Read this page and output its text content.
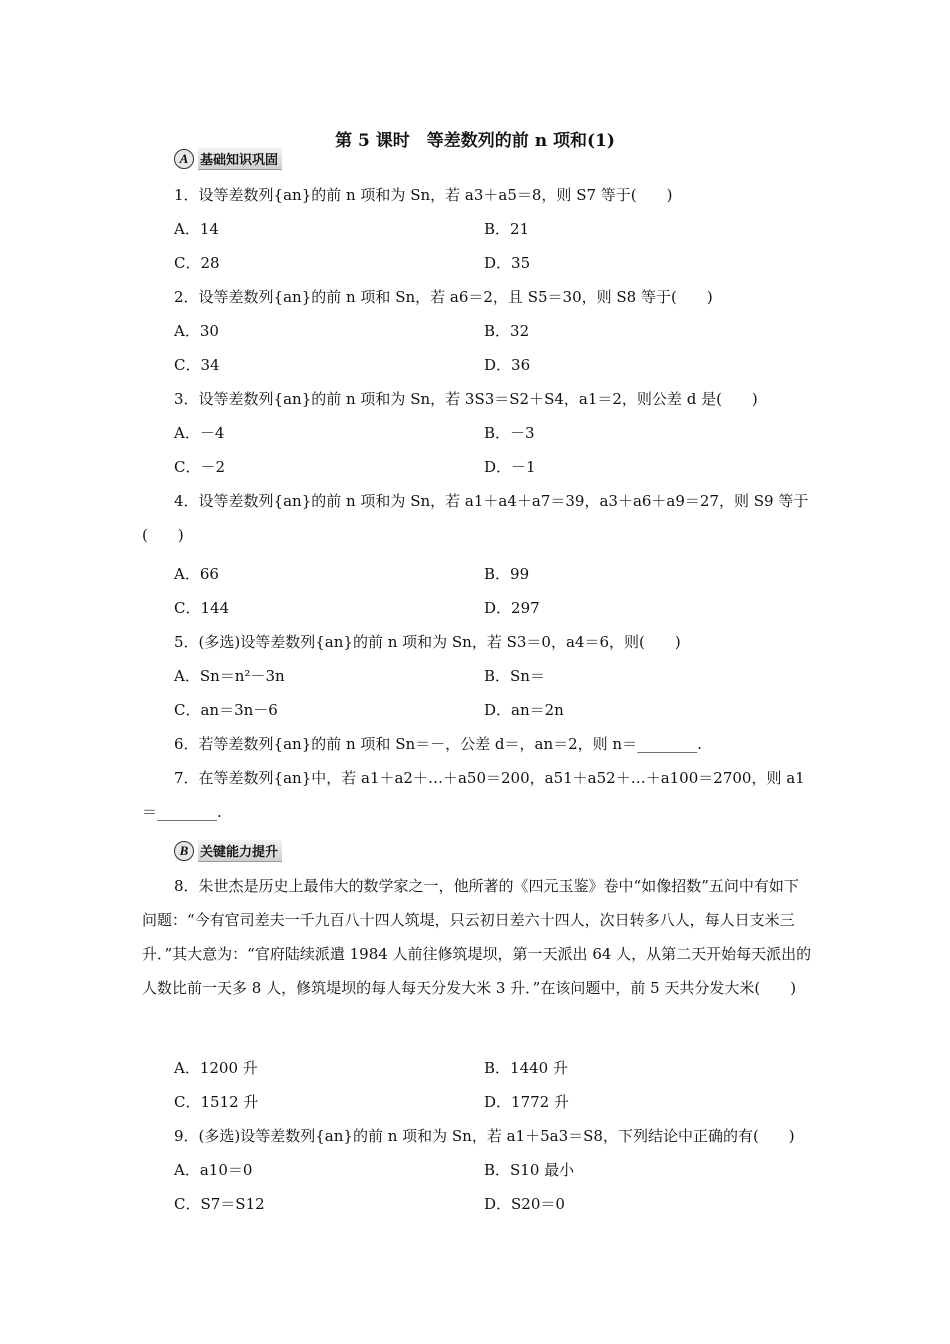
第 5 课时　等差数列的前 n 项和(1)
A 基础知识巩固
1．设等差数列{an}的前 n 项和为 Sn，若 a3＋a5＝8，则 S7 等于(　　)
A．14	B．21
C．28	D．35
2．设等差数列{an}的前 n 项和 Sn，若 a6＝2，且 S5＝30，则 S8 等于(　　)
A．30	B．32
C．34	D．36
3．设等差数列{an}的前 n 项和为 Sn，若 3S3＝S2＋S4，a1＝2，则公差 d 是(　　)
A．－4	B．－3
C．－2	D．－1
4．设等差数列{an}的前 n 项和为 Sn，若 a1＋a4＋a7＝39，a3＋a6＋a9＝27，则 S9 等于(　　)
A．66	B．99
C．144	D．297
5．(多选)设等差数列{an}的前 n 项和为 Sn，若 S3＝0，a4＝6，则(　　)
A．Sn＝n²－3n	B．Sn＝
C．an＝3n－6	D．an＝2n
6．若等差数列{an}的前 n 项和 Sn＝－，公差 d＝，an＝2，则 n＝________.
7．在等差数列{an}中，若 a1＋a2＋…＋a50＝200，a51＋a52＋…＋a100＝2700，则 a1＝________.
B 关键能力提升
8．朱世杰是历史上最伟大的数学家之一，他所著的《四元玉鉴》卷中“如像招数”五问中有如下问题：“今有官司差夫一千九百八十四人筑堤，只云初日差六十四人，次日转多八人，每人日支米三升．”其大意为：“官府陆续派遣 1984 人前往修筑堤坝，第一天派出 64 人，从第二天开始每天派出的人数比前一天多 8 人，修筑堤坝的每人每天分发大米 3 升．”在该问题中，前 5 天共分发大米(　　)
A．1200 升	B．1440 升
C．1512 升	D．1772 升
9．(多选)设等差数列{an}的前 n 项和为 Sn，若 a1＋5a3＝S8，下列结论中正确的有(　　)
A．a10＝0	B．S10 最小
C．S7＝S12	D．S20＝0
